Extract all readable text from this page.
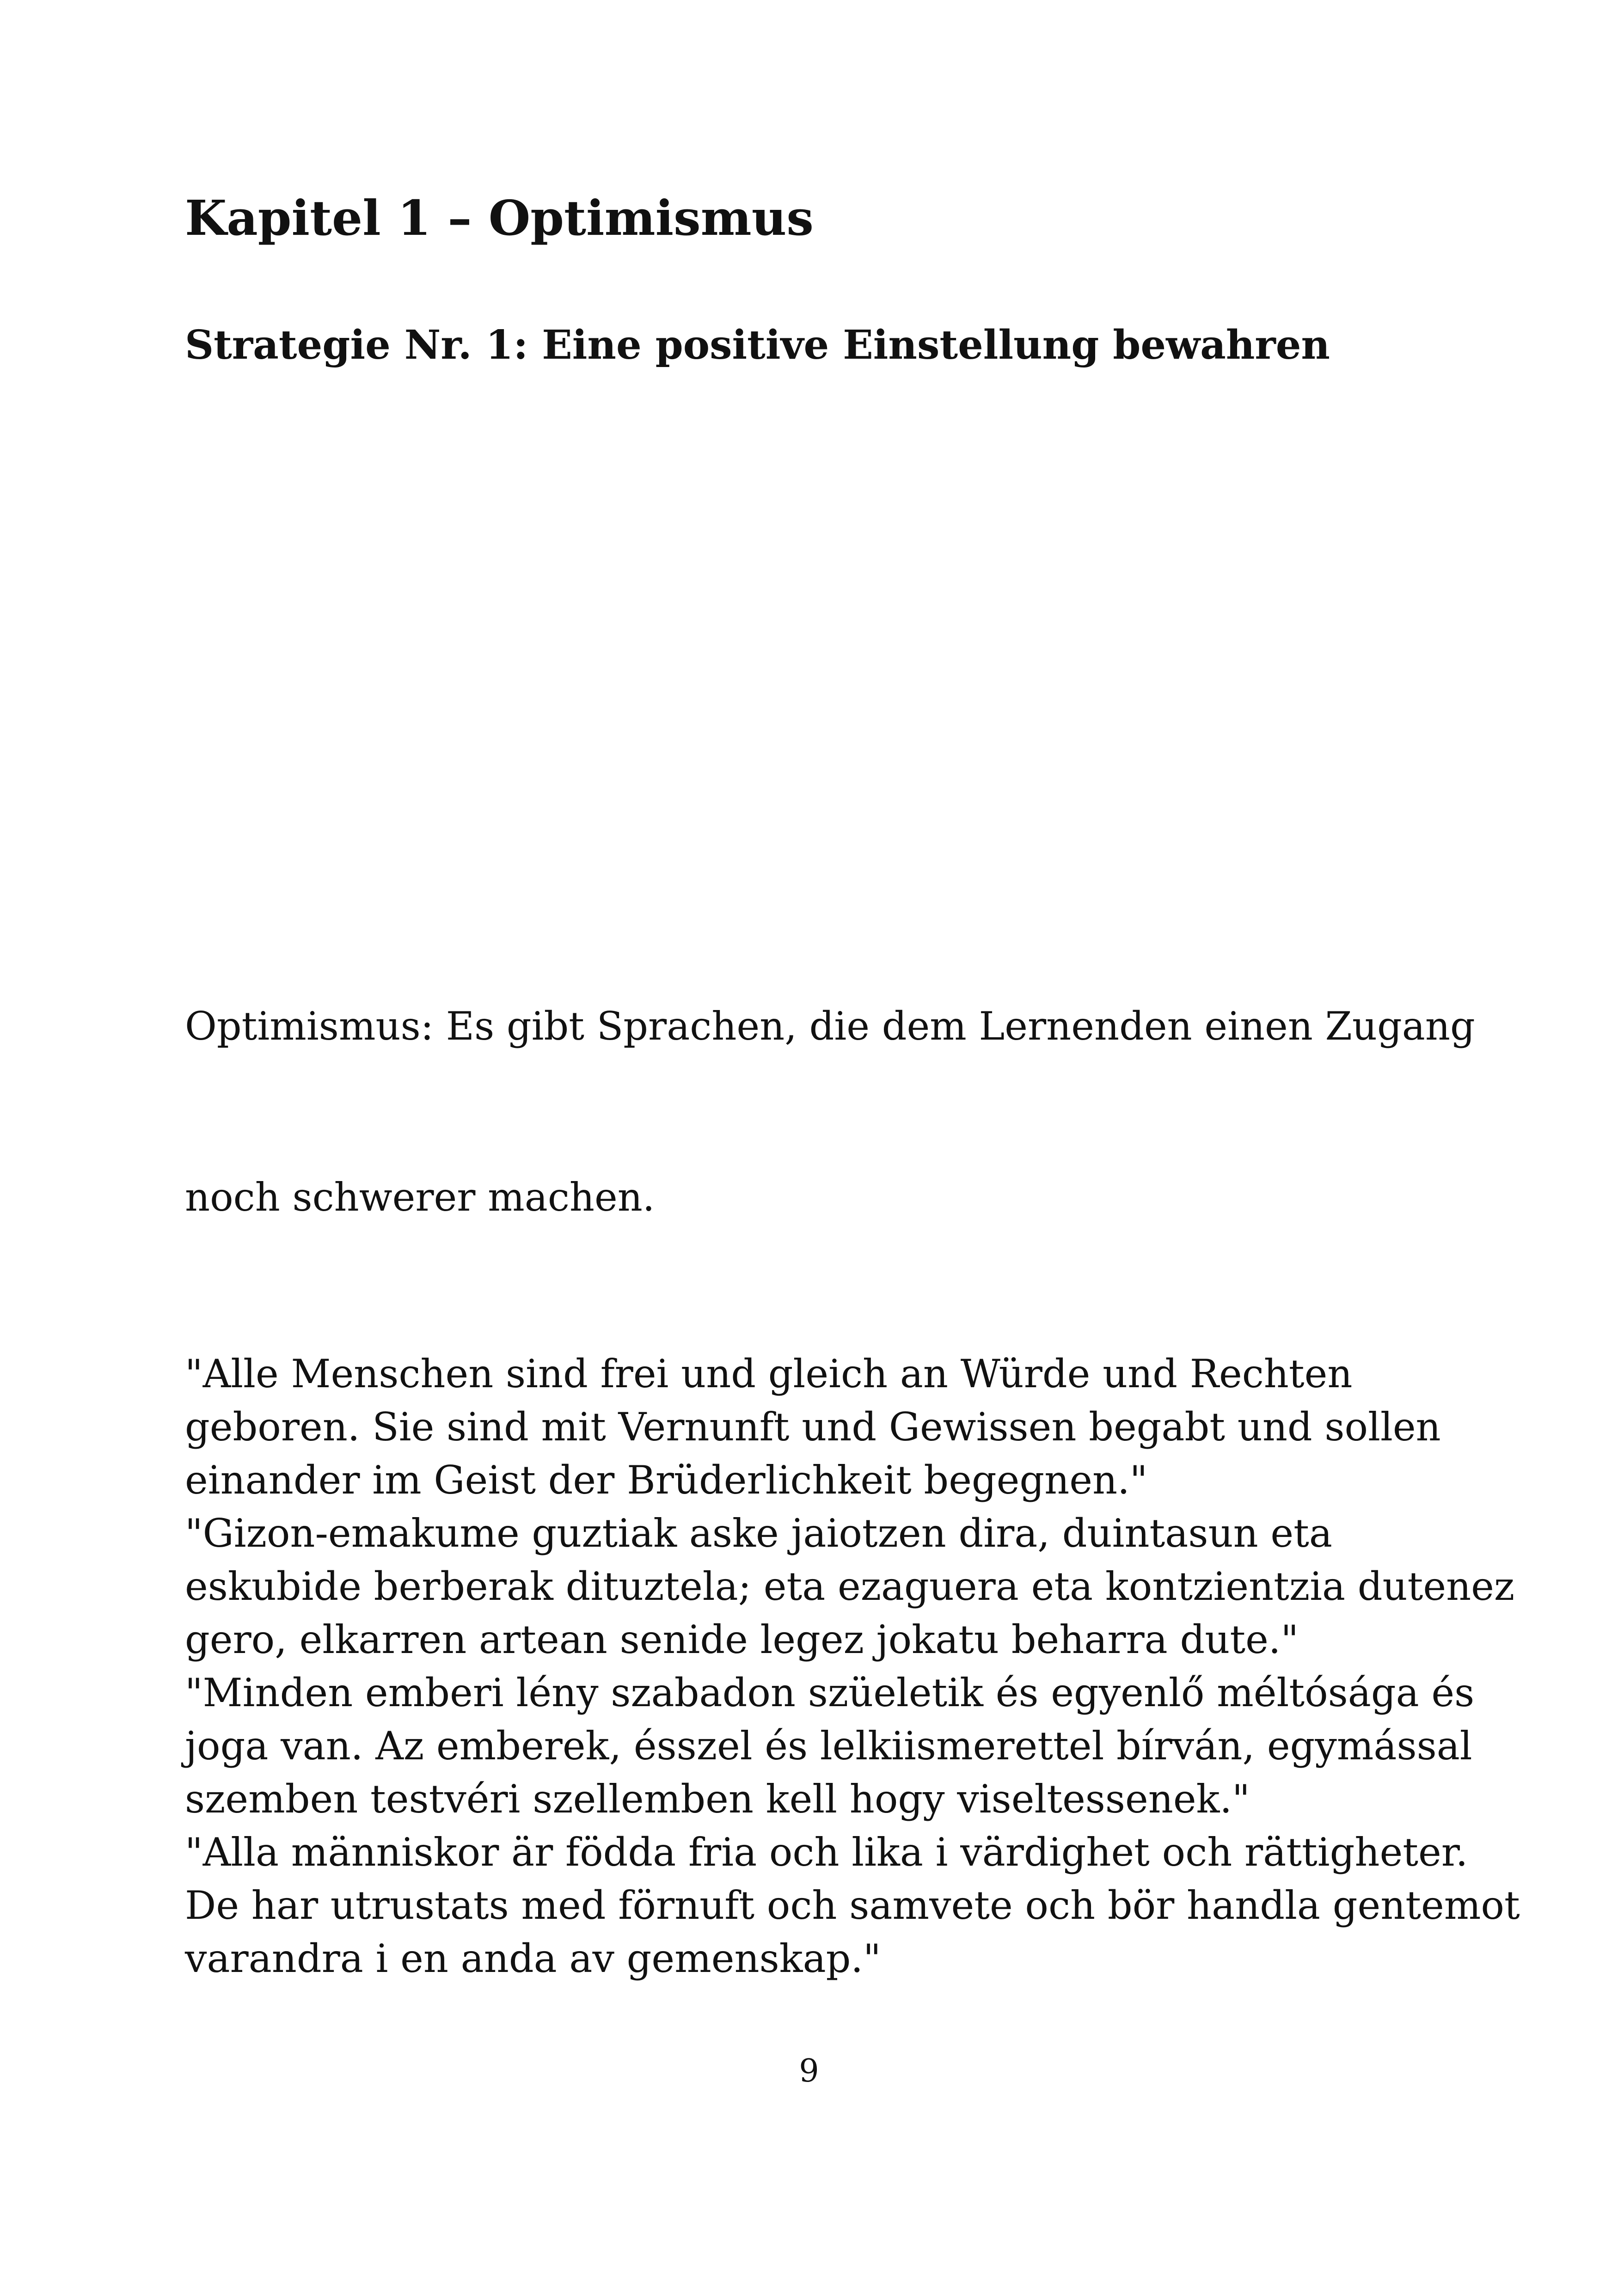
Kapitel 1 – Optimismus
Strategie Nr. 1: Eine positive Einstellung bewahren

Optimismus: Es gibt Sprachen, die dem Lernenden einen Zugang

noch schwerer machen.

"Alle Menschen sind frei und gleich an Würde und Rechten
geboren. Sie sind mit Vernunft und Gewissen begabt und sollen
einander im Geist der Brüderlichkeit begegnen."
"Gizon-emakume guztiak aske jaiotzen dira, duintasun eta
eskubide berberak dituztela; eta ezaguera eta kontzientzia dutenez
gero, elkarren artean senide legez jokatu beharra dute."
"Minden emberi lény szabadon szüeletik és egyenlő méltósága és
joga van. Az emberek, ésszel és lelkiismerettel bírván, egymással
szemben testvéri szellemben kell hogy viseltessenek."
"Alla människor är födda fria och lika i värdighet och rättigheter.
De har utrustats med förnuft och samvete och bör handla gentemot
varandra i en anda av gemenskap."

9
